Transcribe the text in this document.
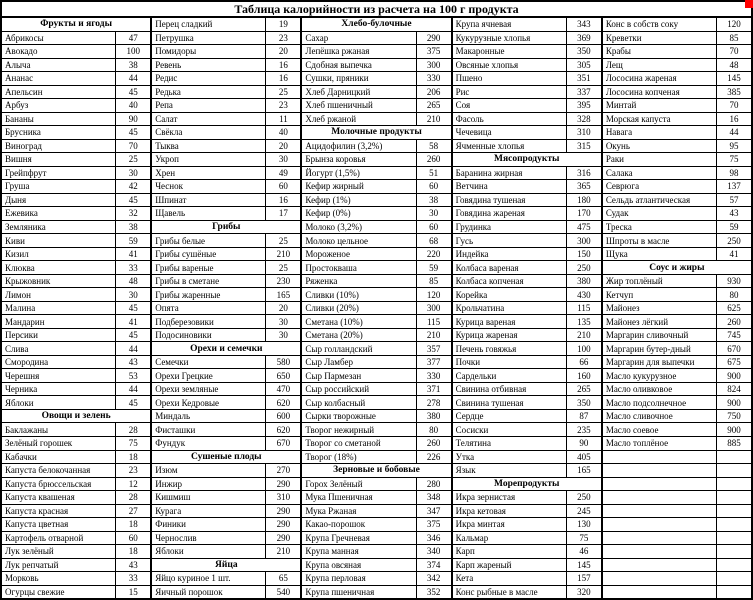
Таблица калорийности из расчета на 100 г продукта
Фрукты и ягоды
Абрикосы	47
Авокадо	100
Алыча	38
Ананас	44
Апельсин	45
Арбуз	40
Бананы	90
Брусника	45
Виноград	70
Вишня	25
Грейпфрут	30
Груша	42
Дыня	45
Ежевика	32
Земляника	38
Киви	59
Кизил	41
Клюква	33
Крыжовник	48
Лимон	30
Малина	45
Мандарин	41
Персики	45
Слива	44
Смородина	43
Черешня	53
Черника	44
Яблоки	45
Овощи и зелень
Баклажаны	28
Зелёный горошек	75
Кабачки	18
Капуста белокочанная	23
Капуста брюссельская	12
Капуста квашеная	28
Капуста красная	27
Капуста цветная	18
Картофель отварной	60
Лук зелёный	18
Лук репчатый	43
Морковь	33
Огурцы свежие	15
Перец сладкий	19
Петрушка	23
Помидоры	20
Ревень	16
Редис	16
Редька	25
Репа	23
Салат	11
Свёкла	40
Тыква	20
Укроп	30
Хрен	49
Чеснок	60
Шпинат	16
Щавель	17
Грибы
Грибы белые	25
Грибы сушёные	210
Грибы вареные	25
Грибы в сметане	230
Грибы жаренные	165
Опята	20
Подберезовики	30
Подосиновики	30
Орехи и семечки
Семечки	580
Орехи Грецкие	650
Орехи земляные	470
Орехи Кедровые	620
Миндаль	600
Фисташки	620
Фундук	670
Сушеные плоды
Изюм	270
Инжир	290
Кишмиш	310
Курага	290
Финики	290
Чернослив	290
Яблоки	210
Яйца
Яйцо куриное 1 шт.	65
Яичный порошок	540
Хлебо-булочные
Сахар	290
Лепёшка ржаная	375
Сдобная выпечка	300
Сушки, пряники	330
Хлеб Дарницкий	206
Хлеб пшеничный	265
Хлеб ржаной	210
Молочные продукты
Ацидофилин (3,2%)	58
Брынза коровья	260
Йогурт (1,5%)	51
Кефир жирный	60
Кефир (1%)	38
Кефир (0%)	30
Молоко (3,2%)	60
Молоко цельное	68
Мороженое	220
Простокваша	59
Ряженка	85
Сливки (10%)	120
Сливки (20%)	300
Сметана (10%)	115
Сметана (20%)	210
Сыр голландский	357
Сыр Ламбер	377
Сыр Пармезан	330
Сыр российский	371
Сыр колбасный	278
Сырки творожные	380
Творог нежирный	80
Творог со сметаной	260
Творог (18%)	226
Зерновые и бобовые
Горох Зелёный	280
Мука Пшеничная	348
Мука Ржаная	347
Какао-порошок	375
Крупа Гречневая	346
Крупа манная	340
Крупа овсяная	374
Крупа перловая	342
Крупа пшеничная	352
Крупа ячневая	343
Кукурузные хлопья	369
Макаронные	350
Овсяные хлопья	305
Пшено	351
Рис	337
Соя	395
Фасоль	328
Чечевица	310
Ячменные хлопья	315
Мясопродукты
Баранина жирная	316
Ветчина	365
Говядина тушеная	180
Говядина жареная	170
Грудинка	475
Гусь	300
Индейка	150
Колбаса вареная	250
Колбаса копченая	380
Корейка	430
Крольчатина	115
Курица вареная	135
Курица жареная	210
Печень говяжья	100
Почки	66
Сардельки	160
Свинина отбивная	265
Свинина тушеная	350
Сердце	87
Сосиски	235
Телятина	90
Утка	405
Язык	165
Морепродукты
Икра зернистая	250
Икра кетовая	245
Икра минтая	130
Кальмар	75
Карп	46
Карп жареный	145
Кета	157
Конс рыбные в масле	320
Конс в собств соку	120
Креветки	85
Крабы	70
Лещ	48
Лососина жареная	145
Лососина копченая	385
Минтай	70
Морская капуста	16
Навага	44
Окунь	95
Раки	75
Салака	98
Севрюга	137
Сельдь атлантическая	57
Судак	43
Треска	59
Шпроты в масле	250
Щука	41
Соус и жиры
Жир топлёный	930
Кетчуп	80
Майонез	625
Майонез лёгкий	260
Маргарин сливочный	745
Маргарин бутер-дный	670
Маргарин для выпечки	675
Масло кукурузное	900
Масло оливковое	824
Масло подсолнечное	900
Масло сливочное	750
Масло соевое	900
Масло топлёное	885
